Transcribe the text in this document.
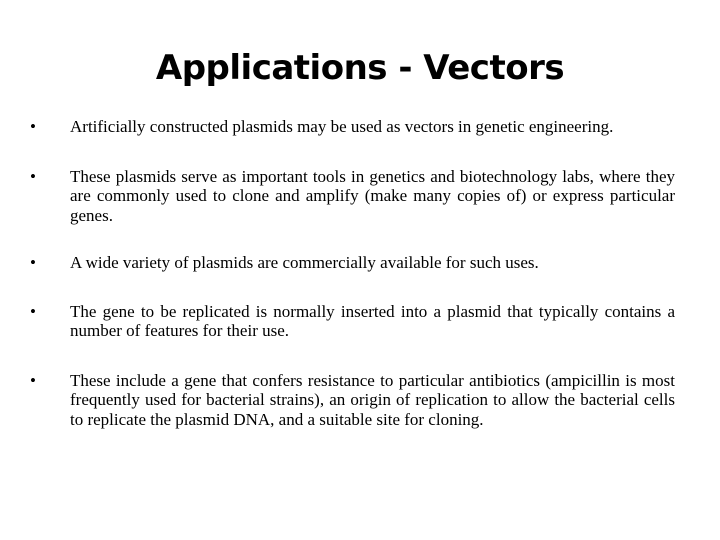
Applications - Vectors
•	Artificially constructed plasmids may be used as vectors in genetic engineering.
•	These plasmids serve as important tools in genetics and biotechnology labs, where they are commonly used to clone and amplify (make many copies of) or express particular genes.
•	A wide variety of plasmids are commercially available for such uses.
•	The gene to be replicated is normally inserted into a plasmid that typically contains a number of features for their use.
•	These include a gene that confers resistance to particular antibiotics (ampicillin is most frequently used for bacterial strains), an origin of replication to allow the bacterial cells to replicate the plasmid DNA, and a suitable site for cloning.
